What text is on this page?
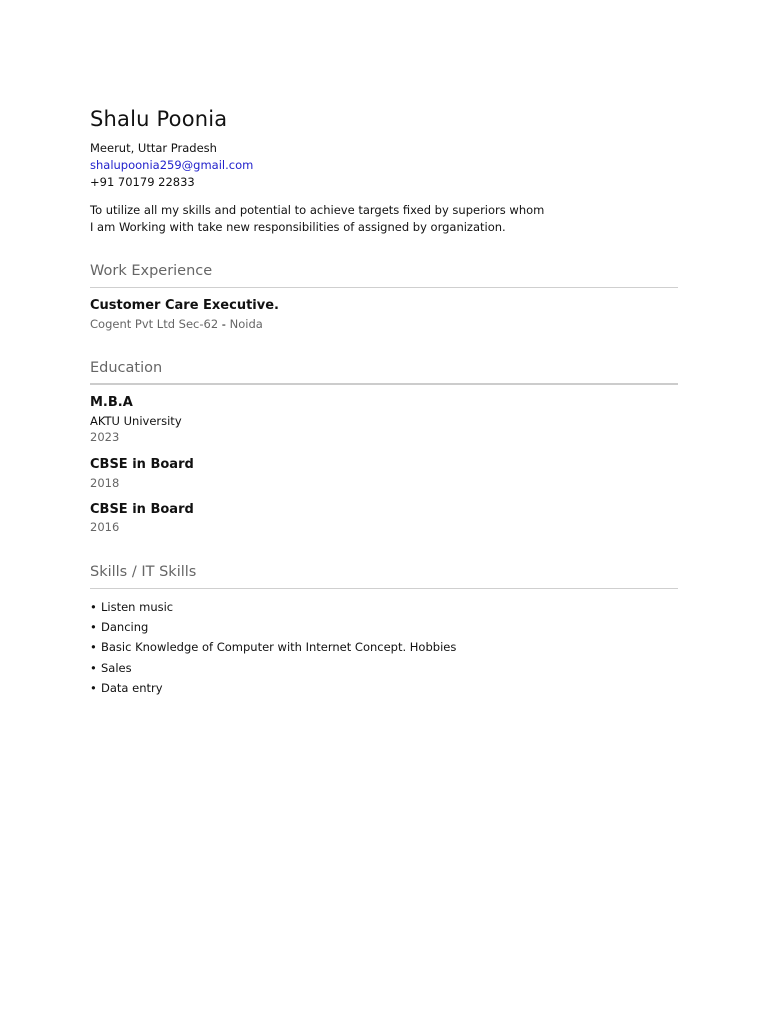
Shalu Poonia
Meerut, Uttar Pradesh
shalupoonia259@gmail.com
+91 70179 22833
To utilize all my skills and potential to achieve targets fixed by superiors whom
I am Working with take new responsibilities of assigned by organization.
Work Experience
Customer Care Executive.
Cogent Pvt Ltd Sec-62 - Noida
Education
M.B.A
AKTU University
2023
CBSE in Board
2018
CBSE in Board
2016
Skills / IT Skills
• Listen music
• Dancing
• Basic Knowledge of Computer with Internet Concept. Hobbies
• Sales
• Data entry
